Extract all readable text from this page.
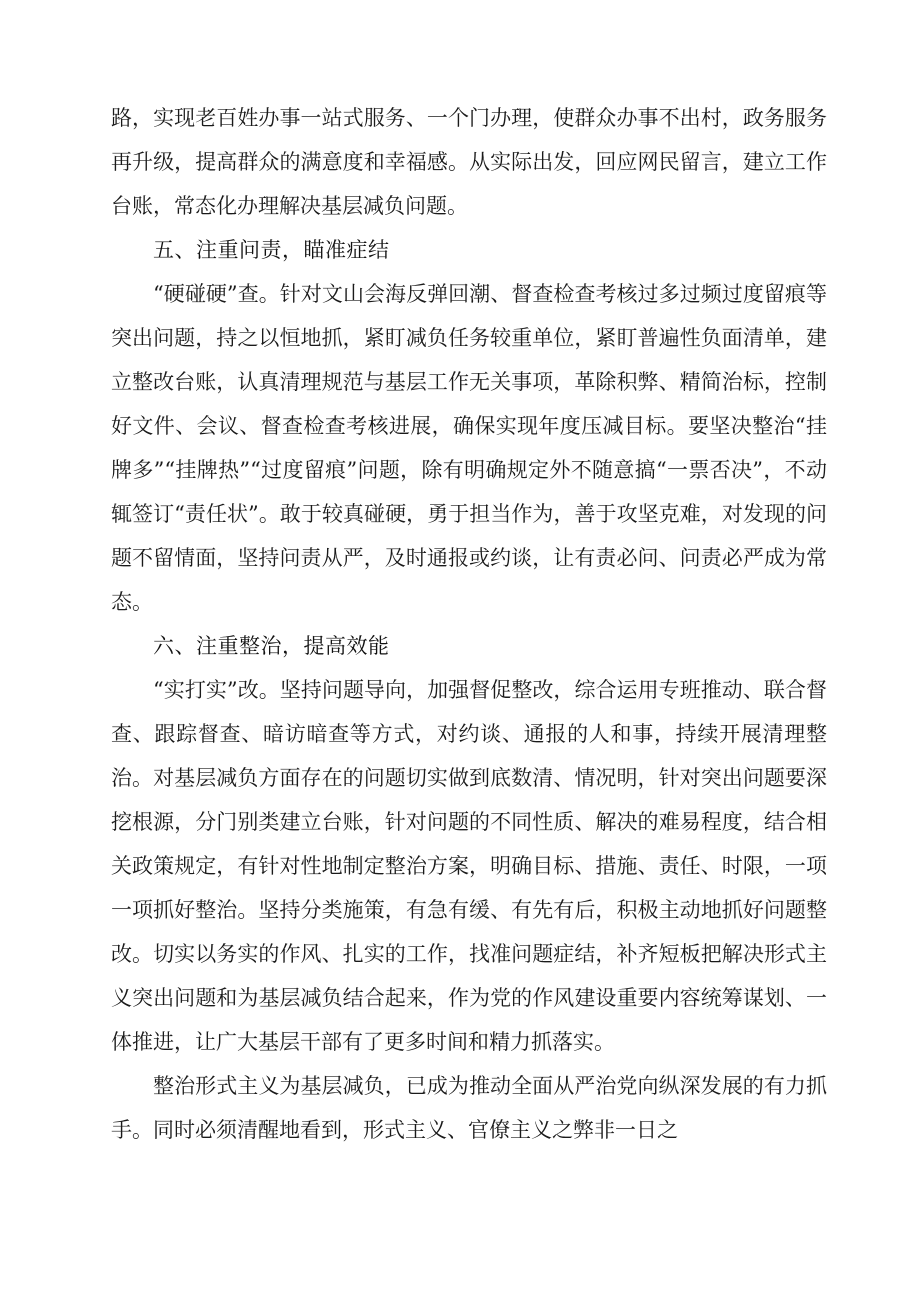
路，实现老百姓办事一站式服务、一个门办理，使群众办事不出村，政务服务再升级，提高群众的满意度和幸福感。从实际出发，回应网民留言，建立工作台账，常态化办理解决基层减负问题。

五、注重问责，瞄准症结

“硬碰硬”查。针对文山会海反弹回潮、督查检查考核过多过频过度留痕等突出问题，持之以恒地抓，紧盯减负任务较重单位，紧盯普遍性负面清单，建立整改台账，认真清理规范与基层工作无关事项，革除积弊、精简治标，控制好文件、会议、督查检查考核进展，确保实现年度压减目标。要坚决整治“挂牌多”“挂牌热”“过度留痕”问题，除有明确规定外不随意搞“一票否决”，不动辄签订“责任状”。敢于较真碰硬，勇于担当作为，善于攻坚克难，对发现的问题不留情面，坚持问责从严，及时通报或约谈，让有责必问、问责必严成为常态。

六、注重整治，提高效能

“实打实”改。坚持问题导向，加强督促整改，综合运用专班推动、联合督查、跟踪督查、暗访暗查等方式，对约谈、通报的人和事，持续开展清理整治。对基层减负方面存在的问题切实做到底数清、情况明，针对突出问题要深挖根源，分门别类建立台账，针对问题的不同性质、解决的难易程度，结合相关政策规定，有针对性地制定整治方案，明确目标、措施、责任、时限，一项一项抓好整治。坚持分类施策，有急有缓、有先有后，积极主动地抓好问题整改。切实以务实的作风、扎实的工作，找准问题症结，补齐短板把解决形式主义突出问题和为基层减负结合起来，作为党的作风建设重要内容统筹谋划、一体推进，让广大基层干部有了更多时间和精力抓落实。

整治形式主义为基层减负，已成为推动全面从严治党向纵深发展的有力抓手。同时必须清醒地看到，形式主义、官僚主义之弊非一日之
